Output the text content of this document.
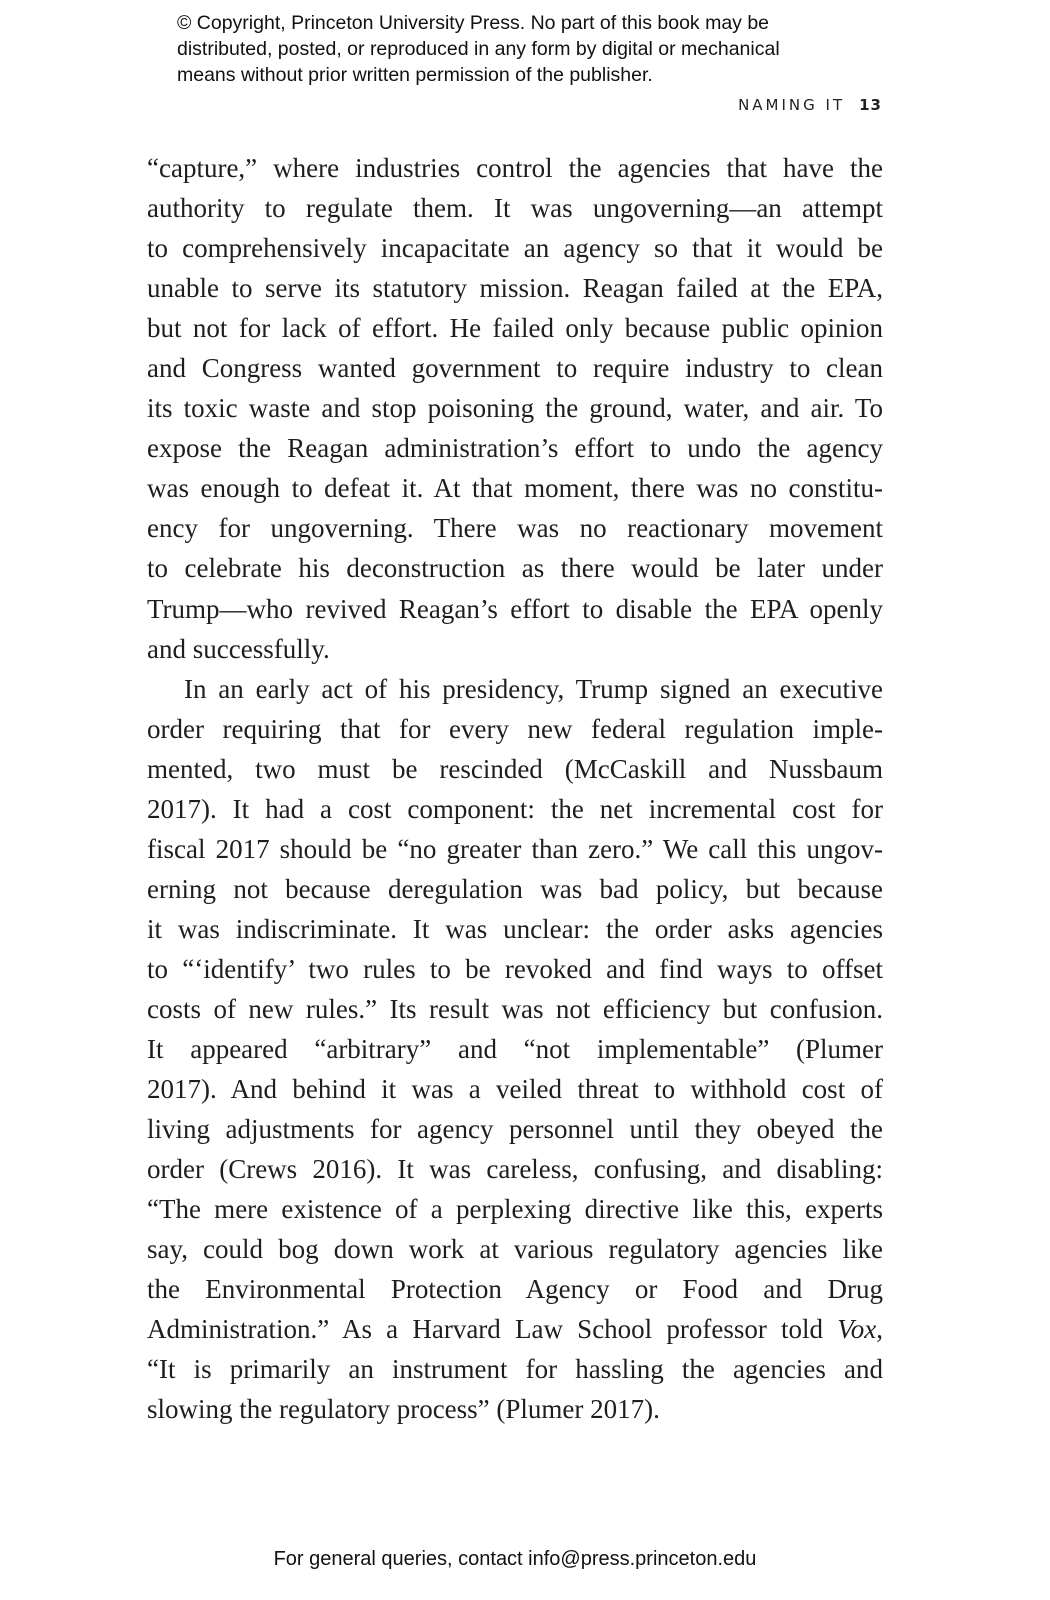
© Copyright, Princeton University Press. No part of this book may be
distributed, posted, or reproduced in any form by digital or mechanical
means without prior written permission of the publisher.
NAMING IT 13
“capture,” where industries control the agencies that have the
authority to regulate them. It was ungoverning—an attempt
to comprehensively incapacitate an agency so that it would be
unable to serve its statutory mission. Reagan failed at the EPA,
but not for lack of effort. He failed only because public opinion
and Congress wanted government to require industry to clean
its toxic waste and stop poisoning the ground, water, and air. To
expose the Reagan administration’s effort to undo the agency
was enough to defeat it. At that moment, there was no constitu-
ency for ungoverning. There was no reactionary movement
to celebrate his deconstruction as there would be later under
Trump—who revived Reagan’s effort to disable the EPA openly
and successfully.
In an early act of his presidency, Trump signed an executive
order requiring that for every new federal regulation imple-
mented, two must be rescinded (McCaskill and Nussbaum
2017). It had a cost component: the net incremental cost for
fiscal 2017 should be “no greater than zero.” We call this ungov-
erning not because deregulation was bad policy, but because
it was indiscriminate. It was unclear: the order asks agencies
to “‘identify’ two rules to be revoked and find ways to offset
costs of new rules.” Its result was not efficiency but confusion.
It appeared “arbitrary” and “not implementable” (Plumer
2017). And behind it was a veiled threat to withhold cost of
living adjustments for agency personnel until they obeyed the
order (Crews 2016). It was careless, confusing, and disabling:
“The mere existence of a perplexing directive like this, experts
say, could bog down work at various regulatory agencies like
the Environmental Protection Agency or Food and Drug
Administration.” As a Harvard Law School professor told Vox,
“It is primarily an instrument for hassling the agencies and
slowing the regulatory process” (Plumer 2017).
For general queries, contact info@press.princeton.edu
